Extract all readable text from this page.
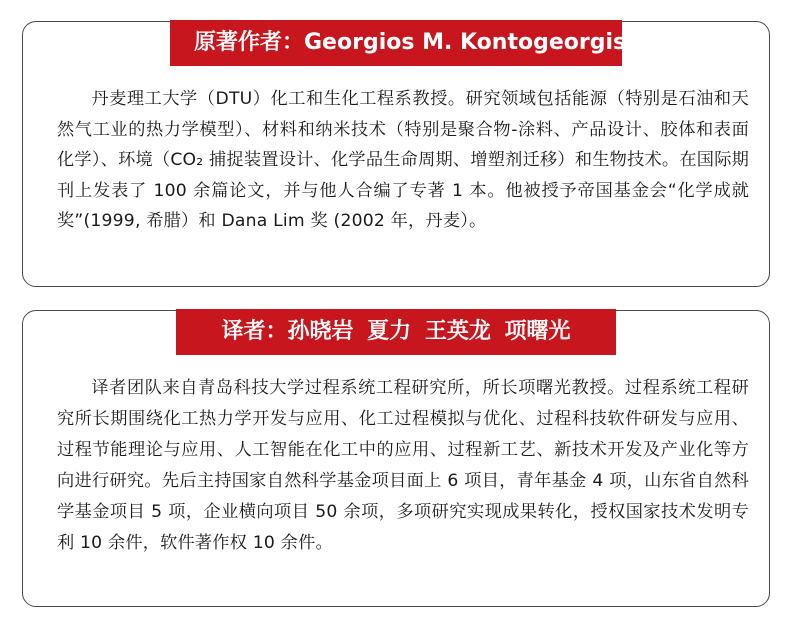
原著作者：Georgios M. Kontogeorgis

丹麦理工大学（DTU）化工和生化工程系教授。研究领域包括能源（特别是石油和天然气工业的热力学模型）、材料和纳米技术（特别是聚合物-涂料、产品设计、胶体和表面化学）、环境（CO₂ 捕捉装置设计、化学品生命周期、增塑剂迁移）和生物技术。在国际期刊上发表了 100 余篇论文，并与他人合编了专著 1 本。他被授予帝国基金会“化学成就奖”(1999, 希腊）和 Dana Lim 奖 (2002 年，丹麦）。

译者：孙晓岩 夏力 王英龙 项曙光

译者团队来自青岛科技大学过程系统工程研究所，所长项曙光教授。过程系统工程研究所长期围绕化工热力学开发与应用、化工过程模拟与优化、过程科技软件研发与应用、过程节能理论与应用、人工智能在化工中的应用、过程新工艺、新技术开发及产业化等方向进行研究。先后主持国家自然科学基金项目面上 6 项目，青年基金 4 项，山东省自然科学基金项目 5 项，企业横向项目 50 余项，多项研究实现成果转化，授权国家技术发明专利 10 余件，软件著作权 10 余件。
